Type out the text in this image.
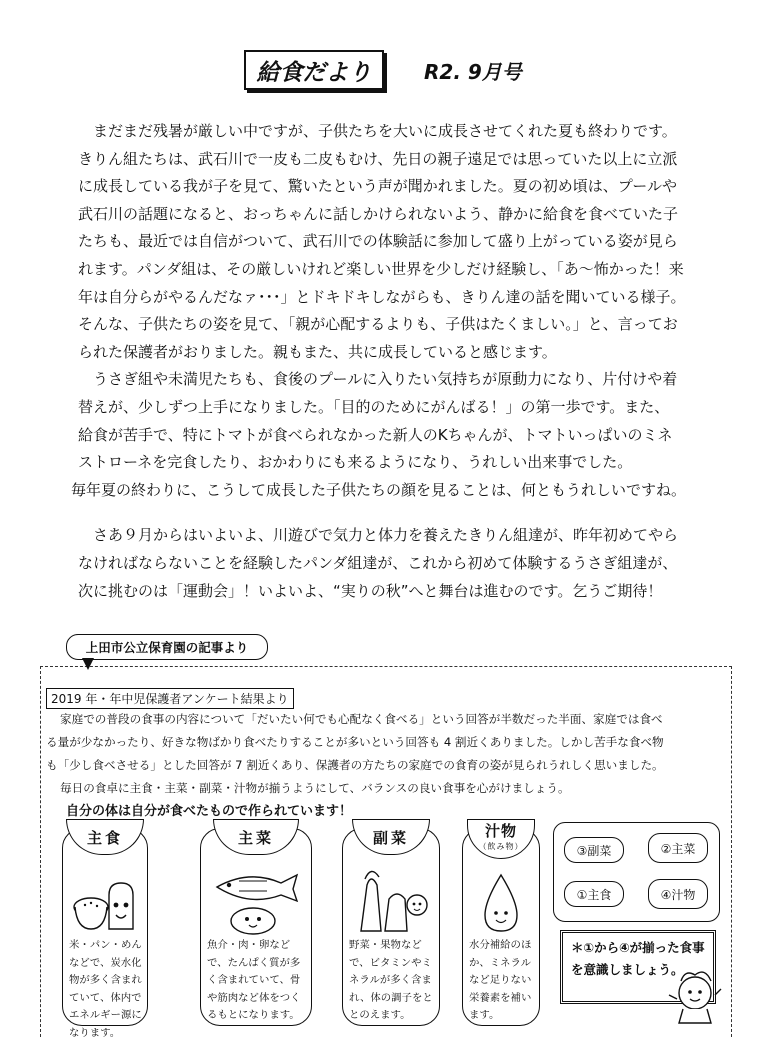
給食だより	R2. 9月号

まだまだ残暑が厳しい中ですが、子供たちを大いに成長させてくれた夏も終わりです。

きりん組たちは、武石川で一皮も二皮もむけ、先日の親子遠足では思っていた以上に立派

に成長している我が子を見て、驚いたという声が聞かれました。夏の初め頃は、プールや

武石川の話題になると、おっちゃんに話しかけられないよう、静かに給食を食べていた子

たちも、最近では自信がついて、武石川での体験話に参加して盛り上がっている姿が見ら

れます。パンダ組は、その厳しいけれど楽しい世界を少しだけ経験し、「あ～怖かった！来

年は自分らがやるんだなァ･･･」とドキドキしながらも、きりん達の話を聞いている様子。

そんな、子供たちの姿を見て、「親が心配するよりも、子供はたくましい。」と、言ってお

られた保護者がおりました。親もまた、共に成長していると感じます。

うさぎ組や未満児たちも、食後のプールに入りたい気持ちが原動力になり、片付けや着

替えが、少しずつ上手になりました。「目的のためにがんばる！」の第一歩です。また、

給食が苦手で、特にトマトが食べられなかった新人のKちゃんが、トマトいっぱいのミネ

ストローネを完食したり、おかわりにも来るようになり、うれしい出来事でした。

毎年夏の終わりに、こうして成長した子供たちの顔を見ることは、何ともうれしいですね。

さあ９月からはいよいよ、川遊びで気力と体力を養えたきりん組達が、昨年初めてやら

なければならないことを経験したパンダ組達が、これから初めて体験するうさぎ組達が、

次に挑むのは「運動会」！いよいよ、“実りの秋”へと舞台は進むのです。乞うご期待！

上田市公立保育園の記事より
2019 年・年中児保護者アンケート結果より
家庭での普段の食事の内容について「だいたい何でも心配なく食べる」という回答が半数だった半面、家庭では食べ
る量が少なかったり、好きな物ばかり食べたりすることが多いという回答も 4 割近くありました。しかし苦手な食べ物
も「少し食べさせる」とした回答が 7 割近くあり、保護者の方たちの家庭での食育の姿が見られうれしく思いました。
毎日の食卓に主食・主菜・副菜・汁物が揃うようにして、バランスの良い食事を心がけましょう。
自分の体は自分が食べたもので作られています！
主食
米・パン・めんなどで、炭水化物が多く含まれていて、体内でエネルギー源になります。
主菜
魚介・肉・卵などで、たんぱく質が多く含まれていて、骨や筋肉など体をつくるもとになります。
副菜
野菜・果物などで、ビタミンやミネラルが多く含まれ、体の調子をととのえます。
汁物
（飲み物）
水分補給のほか、ミネラルなど足りない栄養素を補います。
③副菜	②主菜
①主食	④汁物
＊①から④が揃った食事を意識しましょう。
